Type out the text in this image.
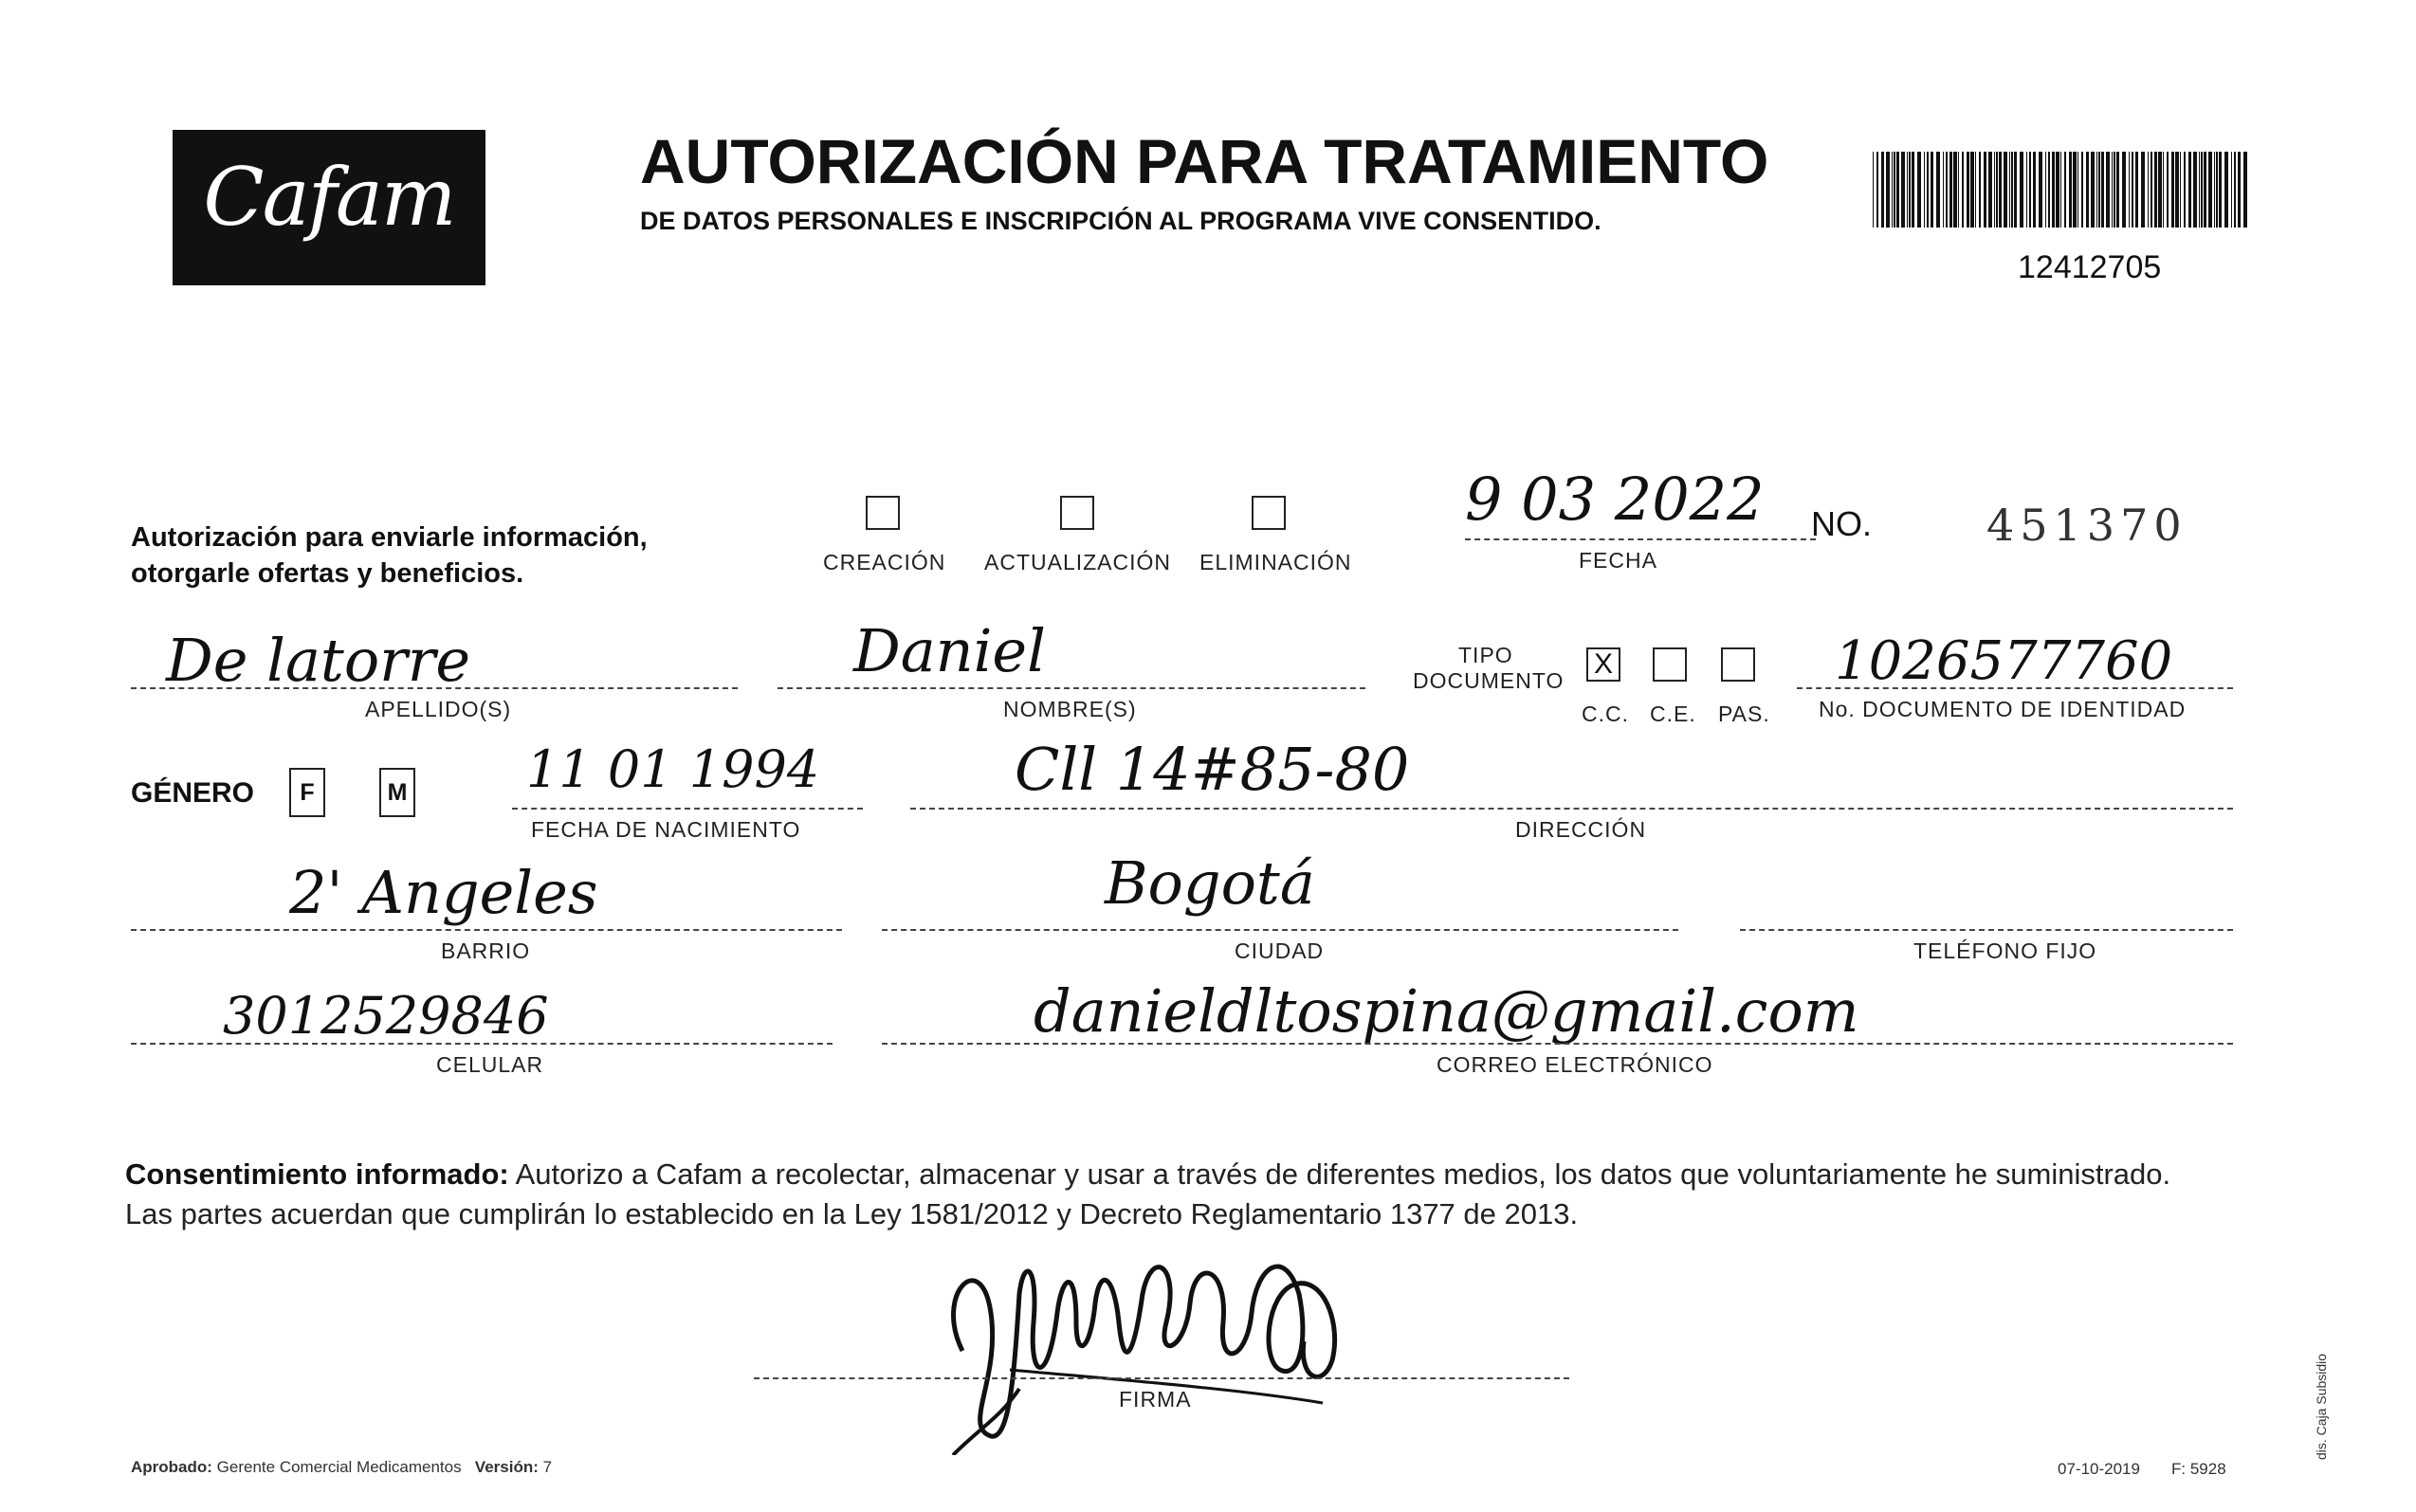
Cafam	AUTORIZACIÓN PARA TRATAMIENTO
DE DATOS PERSONALES E INSCRIPCIÓN AL PROGRAMA VIVE CONSENTIDO.
12412705
Autorización para enviarle información,
otorgarle ofertas y beneficios.	CREACIÓN ACTUALIZACIÓN ELIMINACIÓN
9 03 2022
FECHA
NO.	451370
De latorre
APELLIDO(S)
Daniel
NOMBRE(S)
TIPO
DOCUMENTO
X
C.C. C.E. PAS.
1026577760
No. DOCUMENTO DE IDENTIDAD
GÉNERO	F	M 11 01 1994
FECHA DE NACIMIENTO
Cll 14#85-80
DIRECCIÓN
2' Angeles
BARRIO
Bogotá
CIUDAD	TELÉFONO FIJO
3012529846
CELULAR
danieldltospina@gmail.com
CORREO ELECTRÓNICO
Consentimiento informado: Autorizo a Cafam a recolectar, almacenar y usar a través de diferentes medios, los datos que voluntariamente he suministrado. Las partes acuerdan que cumplirán lo establecido en la Ley 1581/2012 y Decreto Reglamentario 1377 de 2013.
FIRMA
Aprobado: Gerente Comercial Medicamentos Versión: 7	07-10-2019 F: 5928
dis. Caja Subsidio
